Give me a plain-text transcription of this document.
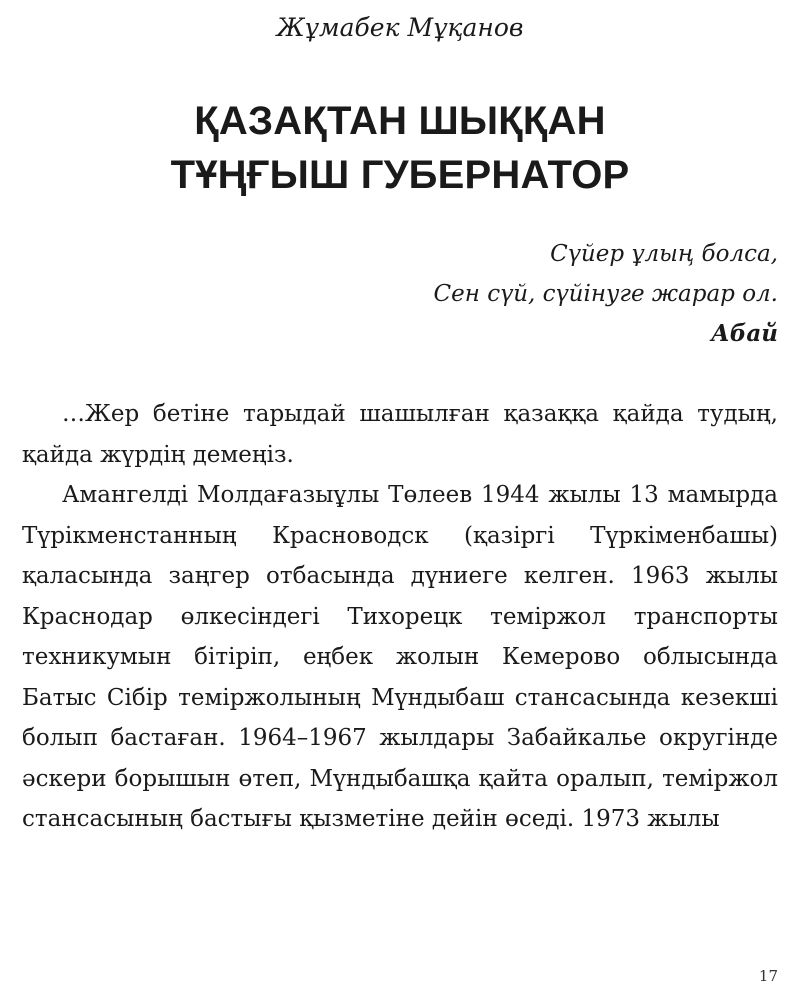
Жұмабек Мұқанов
ҚАЗАҚТАН ШЫҚҚАН
ТҰҢҒЫШ ГУБЕРНАТОР
Сүйер ұлың болса,
Сен сүй, сүйінуге жарар ол.
Абай

…Жер бетіне тарыдай шашылған қазаққа қайда тудың, қайда жүрдің демеңіз.

Амангелді Молдағазыұлы Төлеев 1944 жылы 13 мамырда Түрікменстанның Красноводск (қазіргі Түркіменбашы) қаласында заңгер отбасында дүниеге келген. 1963 жылы Краснодар өлкесіндегі Тихорецк теміржол транспорты техникумын бітіріп, еңбек жолын Кемерово облысында Батыс Сібір теміржолының Мүндыбаш стансасында кезекші болып бастаған. 1964–1967 жылдары Забайкалье округінде әскери борышын өтеп, Мүндыбашқа қайта оралып, теміржол стансасының бастығы қызметіне дейін өседі. 1973 жылы

17
